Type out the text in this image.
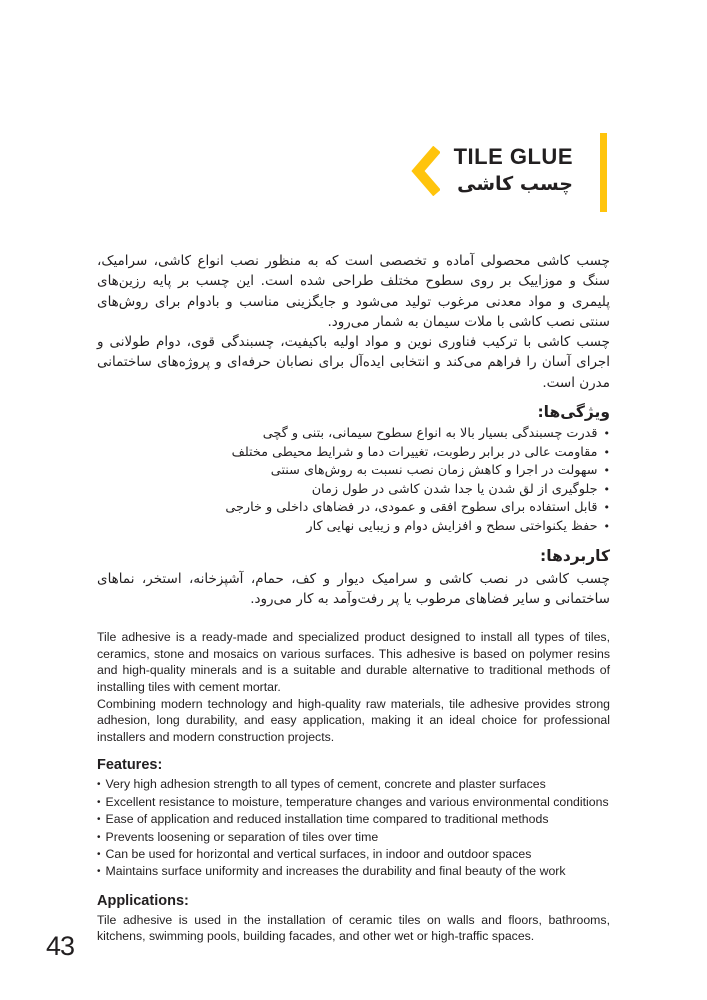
TILE GLUE
چسب کاشی

چسب کاشی محصولی آماده و تخصصی است که به منظور نصب انواع کاشی، سرامیک، سنگ و موزاییک بر روی سطوح مختلف طراحی شده است. این چسب بر پایه رزین‌های پلیمری و مواد معدنی مرغوب تولید می‌شود و جایگزینی مناسب و بادوام برای روش‌های سنتی نصب کاشی با ملات سیمان به شمار می‌رود.

چسب کاشی با ترکیب فناوری نوین و مواد اولیه باکیفیت، چسبندگی قوی، دوام طولانی و اجرای آسان را فراهم می‌کند و انتخابی ایده‌آل برای نصابان حرفه‌ای و پروژه‌های ساختمانی مدرن است.

ویژگی‌ها:
•
قدرت چسبندگی بسیار بالا به انواع سطوح سیمانی، بتنی و گچی
•
مقاومت عالی در برابر رطوبت، تغییرات دما و شرایط محیطی مختلف
•
سهولت در اجرا و کاهش زمان نصب نسبت به روش‌های سنتی
•
جلوگیری از لق شدن یا جدا شدن کاشی در طول زمان
•
قابل استفاده برای سطوح افقی و عمودی، در فضاهای داخلی و خارجی
•
حفظ یکنواختی سطح و افزایش دوام و زیبایی نهایی کار
کاربردها:

چسب کاشی در نصب کاشی و سرامیک دیوار و کف، حمام، آشپزخانه، استخر، نماهای ساختمانی و سایر فضاهای مرطوب یا پر رفت‌وآمد به کار می‌رود.

Tile adhesive is a ready-made and specialized product designed to install all types of tiles, ceramics, stone and mosaics on various surfaces. This adhesive is based on polymer resins and high-quality minerals and is a suitable and durable alternative to traditional methods of installing tiles with cement mortar.

Combining modern technology and high-quality raw materials, tile adhesive provides strong adhesion, long durability, and easy application, making it an ideal choice for professional installers and modern construction projects.

Features:
• Very high adhesion strength to all types of cement, concrete and plaster surfaces
• Excellent resistance to moisture, temperature changes and various environmental conditions
• Ease of application and reduced installation time compared to traditional methods
• Prevents loosening or separation of tiles over time
• Can be used for horizontal and vertical surfaces, in indoor and outdoor spaces
• Maintains surface uniformity and increases the durability and final beauty of the work
Applications:

Tile adhesive is used in the installation of ceramic tiles on walls and floors, bathrooms, kitchens, swimming pools, building facades, and other wet or high-traffic spaces.

43
